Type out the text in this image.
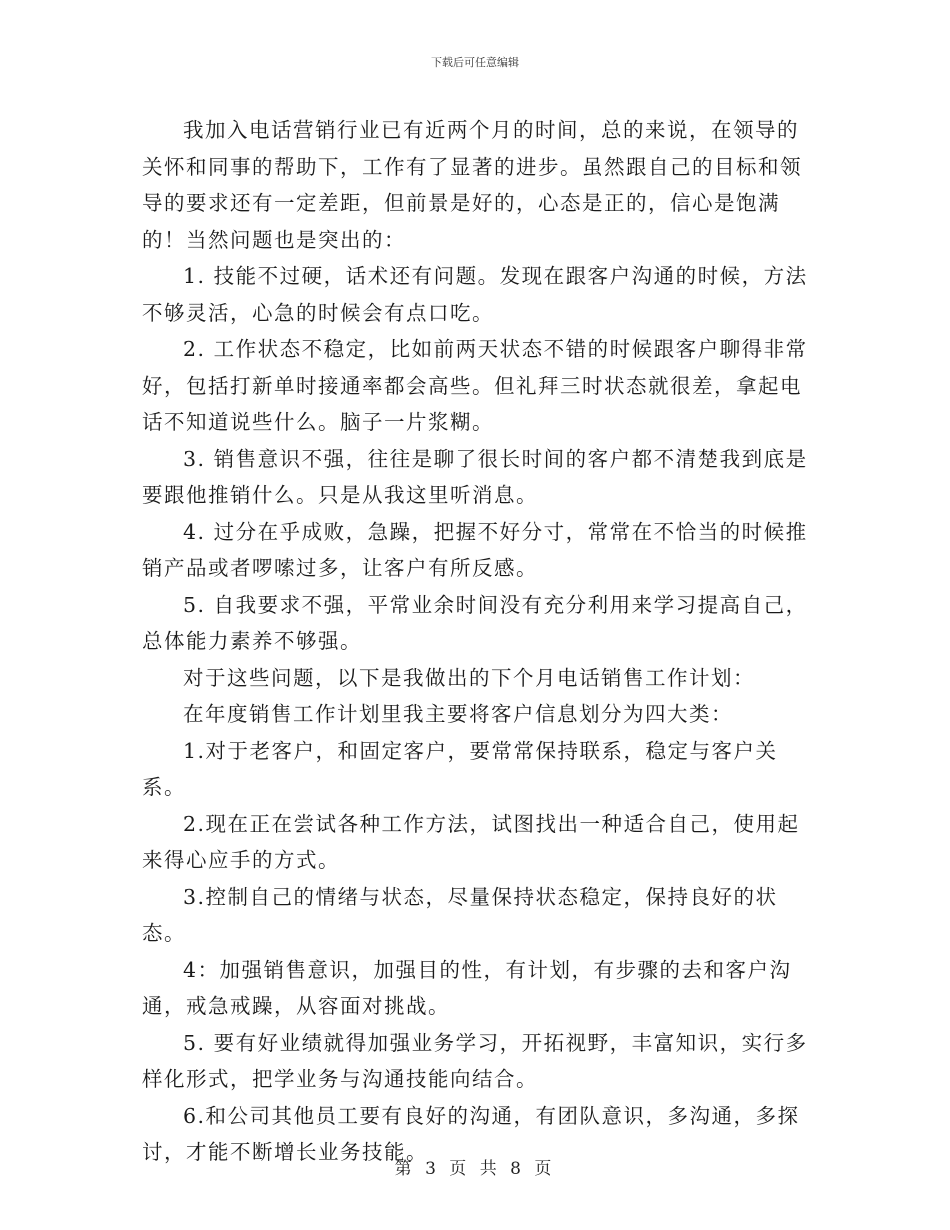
下载后可任意编辑

我加入电话营销行业已有近两个月的时间，总的来说，在领导的关怀和同事的帮助下，工作有了显著的进步。虽然跟自己的目标和领导的要求还有一定差距，但前景是好的，心态是正的，信心是饱满的！当然问题也是突出的：

1. 技能不过硬，话术还有问题。发现在跟客户沟通的时候，方法不够灵活，心急的时候会有点口吃。

2. 工作状态不稳定，比如前两天状态不错的时候跟客户聊得非常好，包括打新单时接通率都会高些。但礼拜三时状态就很差，拿起电话不知道说些什么。脑子一片浆糊。

3. 销售意识不强，往往是聊了很长时间的客户都不清楚我到底是要跟他推销什么。只是从我这里听消息。

4. 过分在乎成败，急躁，把握不好分寸，常常在不恰当的时候推销产品或者啰嗦过多，让客户有所反感。

5. 自我要求不强，平常业余时间没有充分利用来学习提高自己，总体能力素养不够强。

对于这些问题，以下是我做出的下个月电话销售工作计划：

在年度销售工作计划里我主要将客户信息划分为四大类：

1.对于老客户，和固定客户，要常常保持联系，稳定与客户关系。

2.现在正在尝试各种工作方法，试图找出一种适合自己，使用起来得心应手的方式。

3.控制自己的情绪与状态，尽量保持状态稳定，保持良好的状态。

4：加强销售意识，加强目的性，有计划，有步骤的去和客户沟通，戒急戒躁，从容面对挑战。

5. 要有好业绩就得加强业务学习，开拓视野，丰富知识，实行多样化形式，把学业务与沟通技能向结合。

6.和公司其他员工要有良好的沟通，有团队意识，多沟通，多探讨，才能不断增长业务技能。

第 3 页 共 8 页
